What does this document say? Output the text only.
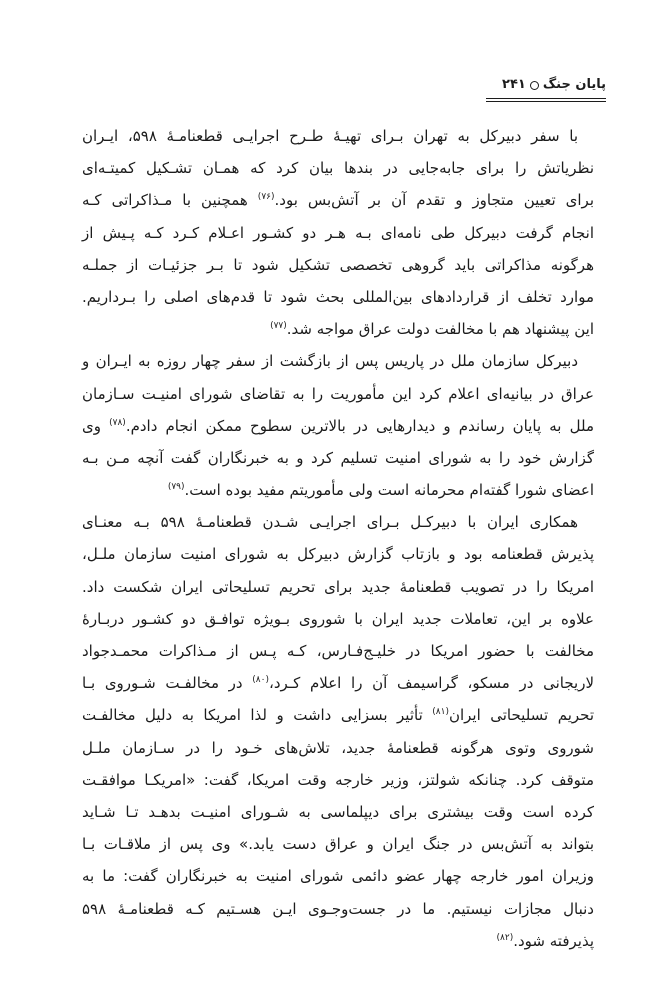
پایان جنگ
۲۴۱
با سفر دبیرکل به تهران بـرای تهیـهٔ طـرح اجرایـی قطعنامـهٔ ۵۹۸، ایـران
نظریاتش را برای جابه‌جایی در بندها بیان کرد که همـان تشـکیل کمیتـه‌ای
برای تعیین متجاوز و تقدم آن بر آتش‌بس بود.$^{(۷۶)}$ همچنین با مـذاکراتی کـه
انجام گرفت دبیرکل طی نامه‌ای بـه هـر دو کشـور اعـلام کـرد کـه پـیش از
هرگونه مذاکراتی باید گروهی تخصصی تشکیل شود تا بـر جزئیـات از جملـه
موارد تخلف از قراردادهای بین‌المللی بحث شود تا قدم‌های اصلی را بـرداریم.
این پیشنهاد هم با مخالفت دولت عراق مواجه شد.$^{(۷۷)}$
دبیرکل سازمان ملل در پاریس پس از بازگشت از سفر چهار روزه به ایـران و
عراق در بیانیه‌ای اعلام کرد این مأموریت را به تقاضای شورای امنیـت سـازمان
ملل به پایان رساندم و دیدارهایی در بالاترین سطوح ممکن انجام دادم.$^{(۷۸)}$ وی
گزارش خود را به شورای امنیت تسلیم کرد و به خبرنگاران گفت آنچه مـن بـه
اعضای شورا گفتەام محرمانه است ولی مأموریتم مفید بوده است.$^{(۷۹)}$
همکاری ایران با دبیرکـل بـرای اجرایـی شـدن قطعنامـهٔ ۵۹۸ بـه معنـای
پذیرش قطعنامه بود و بازتاب گزارش دبیرکل به شورای امنیت سازمان ملـل،
امریکا را در تصویب قطعنامهٔ جدید برای تحریم تسلیحاتی ایران شکست داد.
علاوه بر این، تعاملات جدید ایران با شوروی بـویژه توافـق دو کشـور دربـارهٔ
مخالفت با حضور امریکا در خلیـج‌فـارس، کـه پـس از مـذاکرات محمـدجواد
لاریجانی در مسکو، گراسیمف آن را اعلام کـرد،$^{(۸۰)}$ در مخالفـت شـوروی بـا
تحریم تسلیحاتی ایران$^{(۸۱)}$ تأثیر بسزایی داشت و لذا امریکا به دلیل مخالفـت
شوروی وتوی هرگونه قطعنامهٔ جدید، تلاش‌های خـود را در سـازمان ملـل
متوقف کرد. چنانکه شولتز، وزیر خارجه وقت امریکا، گفت: «امریکـا موافقـت
کرده است وقت بیشتری برای دیپلماسی به شـورای امنیـت بدهـد تـا شـاید
بتواند به آتش‌بس در جنگ ایران و عراق دست یابد.» وی پس از ملاقـات بـا
وزیران امور خارجه چهار عضو دائمی شورای امنیت به خبرنگاران گفت: ما به
دنبال مجازات نیستیم. ما در جست‌وجـوی ایـن هسـتیم کـه قطعنامـهٔ ۵۹۸
پذیرفته شود.$^{(۸۲)}$
